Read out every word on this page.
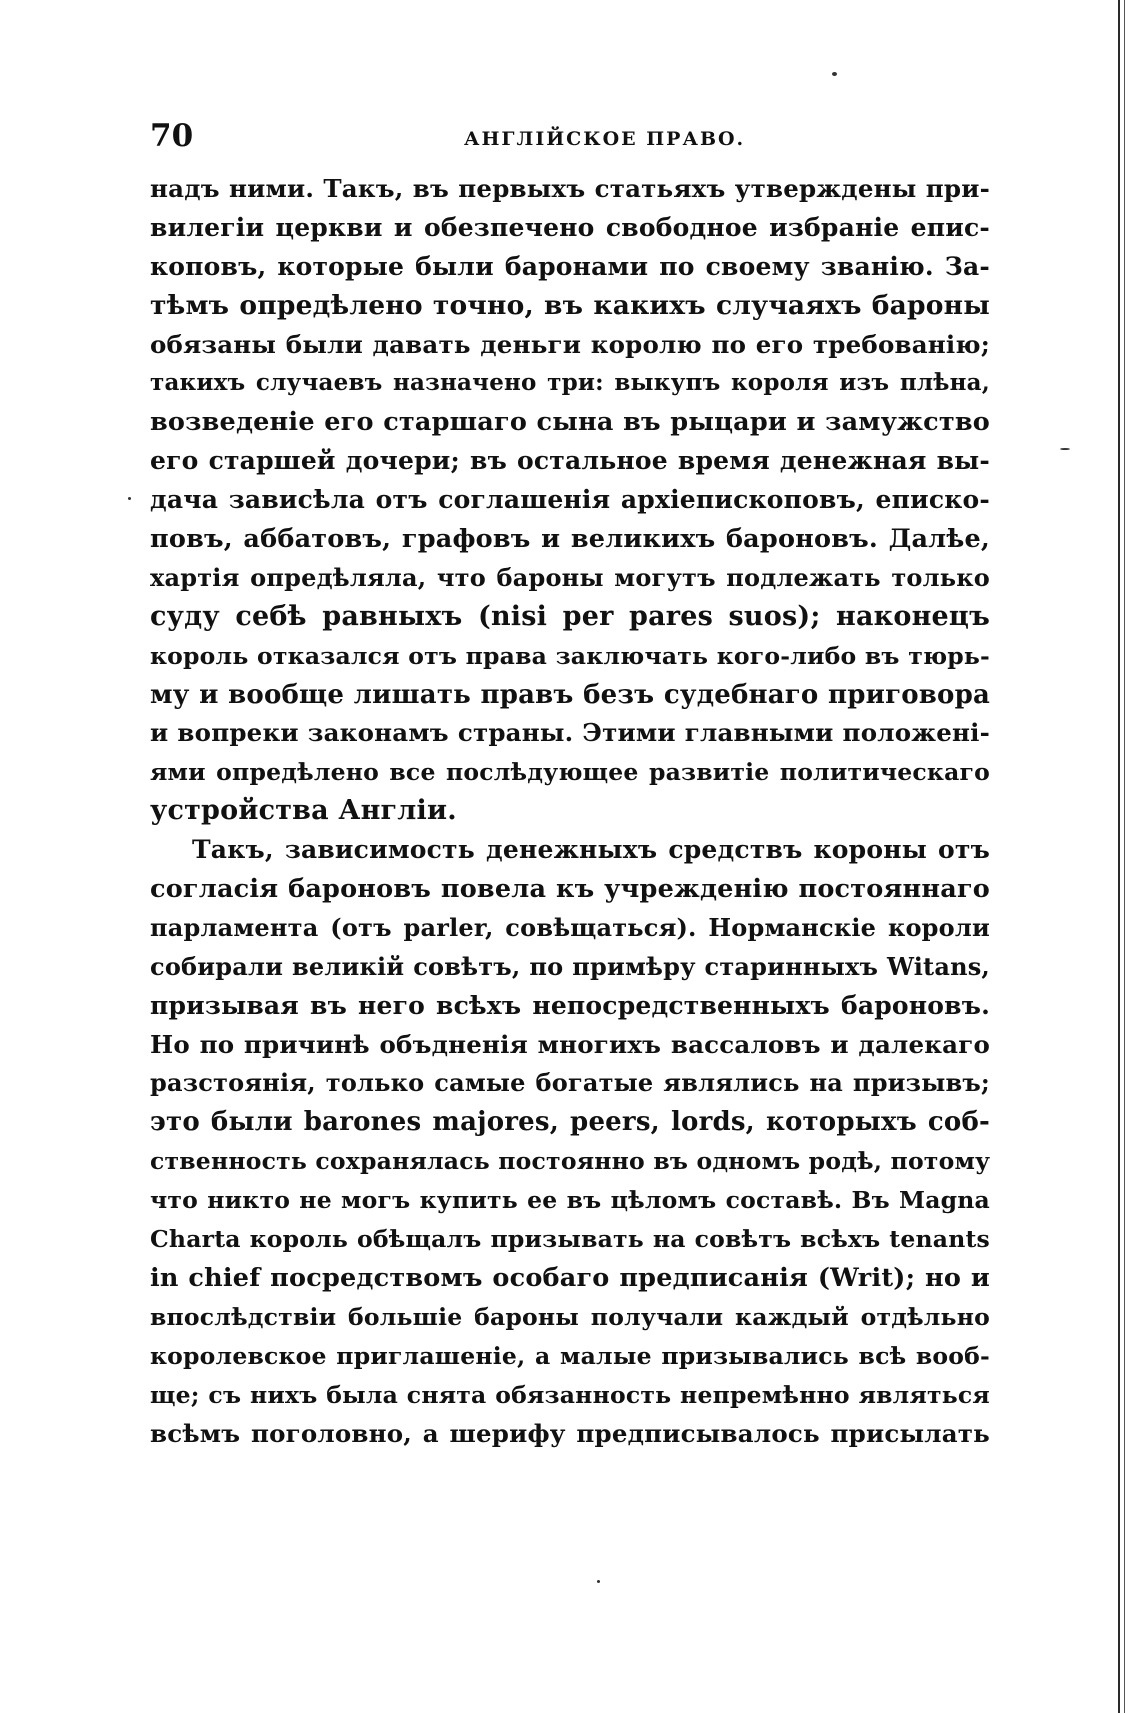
70	АНГЛІЙСКОЕ ПРАВО.
надъ ними. Такъ, въ первыхъ статьяхъ утверждены при-
вилегіи церкви и обезпечено свободное избраніе епис-
коповъ, которые были баронами по своему званію. За-
тѣмъ опредѣлено точно, въ какихъ случаяхъ бароны
обязаны были давать деньги королю по его требованію;
такихъ случаевъ назначено три: выкупъ короля изъ плѣна,
возведеніе его старшаго сына въ рыцари и замужство
его старшей дочери; въ остальное время денежная вы-
дача зависѣла отъ соглашенія архіепископовъ, еписко-
повъ, аббатовъ, графовъ и великихъ бароновъ. Далѣе,
хартія опредѣляла, что бароны могутъ подлежать только
суду себѣ равныхъ (nisi per pares suos); наконецъ
король отказался отъ права заключать кого-либо въ тюрь-
му и вообще лишать правъ безъ судебнаго приговора
и вопреки законамъ страны. Этими главными положені-
ями опредѣлено все послѣдующее развитіе политическаго
устройства Англіи.
Такъ, зависимость денежныхъ средствъ короны отъ
согласія бароновъ повела къ учрежденію постояннаго
парламента (отъ parler, совѣщаться). Норманскіе короли
собирали великій совѣтъ, по примѣру старинныхъ Witans,
призывая въ него всѣхъ непосредственныхъ бароновъ.
Но по причинѣ объдненія многихъ вассаловъ и далекаго
разстоянія, только самые богатые являлись на призывъ;
это были barones majores, peers, lords, которыхъ соб-
ственность сохранялась постоянно въ одномъ родѣ, потому
что никто не могъ купить ее въ цѣломъ составѣ. Въ Magna
Charta король обѣщалъ призывать на совѣтъ всѣхъ tenants
in chief посредствомъ особаго предписанія (Writ); но и
впослѣдствіи большіе бароны получали каждый отдѣльно
королевское приглашеніе, а малые призывались всѣ вооб-
ще; съ нихъ была снята обязанность непремѣнно являться
всѣмъ поголовно, а шерифу предписывалось присылать
